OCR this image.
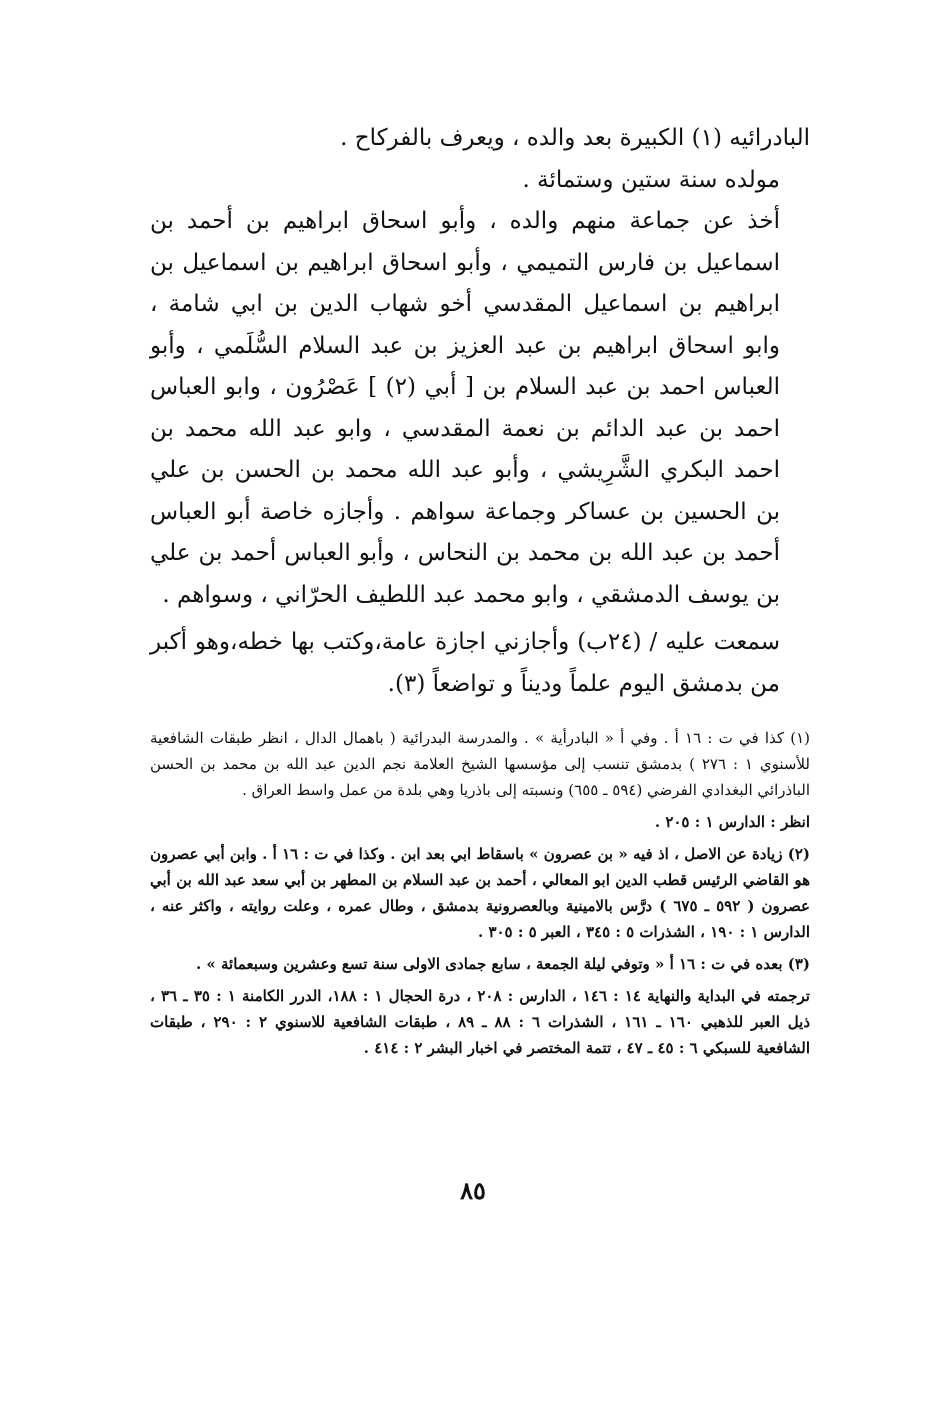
البادرائيه (١) الكبيرة بعد والده ، ويعرف بالفركاح .

مولده سنة ستين وستمائة .

أخذ عن جماعة منهم والده ، وأبو اسحاق ابراهيم بن أحمد بن اسماعيل بن فارس التميمي ، وأبو اسحاق ابراهيم بن اسماعيل بن ابراهيم بن اسماعيل المقدسي أخو شهاب الدين بن ابي شامة ، وابو اسحاق ابراهيم بن عبد العزيز بن عبد السلام السُّلَمي ، وأبو العباس احمد بن عبد السلام بن [ أبي (٢) ] عَصْرُون ، وابو العباس احمد بن عبد الدائم بن نعمة المقدسي ، وابو عبد الله محمد بن احمد البكري الشَّرِيشي ، وأبو عبد الله محمد بن الحسن بن علي بن الحسين بن عساكر وجماعة سواهم . وأجازه خاصة أبو العباس أحمد بن عبد الله بن محمد بن النحاس ، وأبو العباس أحمد بن علي بن يوسف الدمشقي ، وابو محمد عبد اللطيف الحرّاني ، وسواهم .

سمعت عليه / (٢٤ب) وأجازني اجازة عامة،وكتب بها خطه،وهو أكبر من بدمشق اليوم علماً وديناً و تواضعاً (٣).

(١) كذا في ت : ١٦ أ . وفي أ « البادرأية » . والمدرسة البدرائية ( باهمال الدال ، انظر طبقات الشافعية للأسنوي ١ : ٢٧٦ ) بدمشق تنسب إلى مؤسسها الشيخ العلامة نجم الدين عبد الله بن محمد بن الحسن الباذرائي البغدادي الفرضي (٥٩٤ ـ ٦٥٥) ونسبته إلى باذريا وهي بلدة من عمل واسط العراق .

انظر : الدارس ١ : ٢٠٥ .

(٢) زيادة عن الاصل ، اذ فيه « بن عصرون » باسقاط ابي بعد ابن . وكذا في ت : ١٦ أ . وابن أبي عصرون هو القاضي الرئيس قطب الدين ابو المعالي ، أحمد بن عبد السلام بن المطهر بن أبي سعد عبد الله بن أبي عصرون ( ٥٩٢ ـ ٦٧٥ ) درَّس بالامينية وبالعصرونية بدمشق ، وطال عمره ، وعلت روايته ، واكثر عنه ، الدارس ١ : ١٩٠ ، الشذرات ٥ : ٣٤٥ ، العبر ٥ : ٣٠٥ .

(٣) بعده في ت : ١٦ أ « وتوفي ليلة الجمعة ، سابع جمادى الاولى سنة تسع وعشرين وسبعمائة » .

ترجمته في البداية والنهاية ١٤ : ١٤٦ ، الدارس : ٢٠٨ ، درة الحجال ١ : ١٨٨، الدرر الكامنة ١ : ٣٥ ـ ٣٦ ، ذيل العبر للذهبي ١٦٠ ـ ١٦١ ، الشذرات ٦ : ٨٨ ـ ٨٩ ، طبقات الشافعية للاسنوي ٢ : ٢٩٠ ، طبقات الشافعية للسبكي ٦ : ٤٥ ـ ٤٧ ، تتمة المختصر في اخبار البشر ٢ : ٤١٤ .

٨٥
